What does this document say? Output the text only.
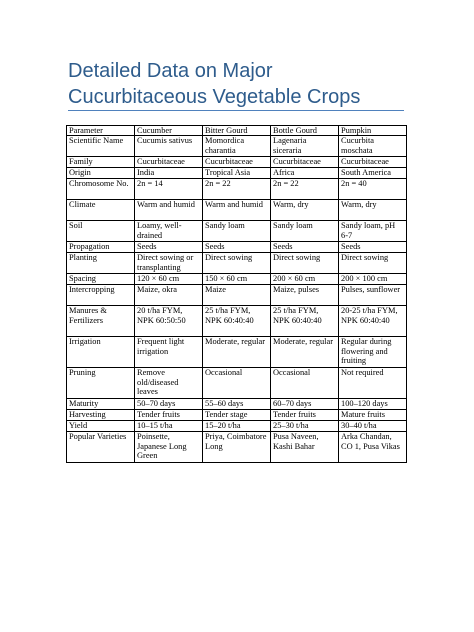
Detailed Data on Major Cucurbitaceous Vegetable Crops
Parameter	Cucumber	Bitter Gourd	Bottle Gourd	Pumpkin
Scientific Name	Cucumis sativus	Momordica charantia	Lagenaria siceraria	Cucurbita moschata
Family	Cucurbitaceae	Cucurbitaceae	Cucurbitaceae	Cucurbitaceae
Origin	India	Tropical Asia	Africa	South America
Chromosome No.	2n = 14	2n = 22	2n = 22	2n = 40
Climate	Warm and humid	Warm and humid	Warm, dry	Warm, dry
Soil	Loamy, well-drained	Sandy loam	Sandy loam	Sandy loam, pH 6-7
Propagation	Seeds	Seeds	Seeds	Seeds
Planting	Direct sowing or transplanting	Direct sowing	Direct sowing	Direct sowing
Spacing	120 × 60 cm	150 × 60 cm	200 × 60 cm	200 × 100 cm
Intercropping	Maize, okra	Maize	Maize, pulses	Pulses, sunflower
Manures & Fertilizers	20 t/ha FYM, NPK 60:50:50	25 t/ha FYM, NPK 60:40:40	25 t/ha FYM, NPK 60:40:40	20-25 t/ha FYM, NPK 60:40:40
Irrigation	Frequent light irrigation	Moderate, regular	Moderate, regular	Regular during flowering and fruiting
Pruning	Remove old/diseased leaves	Occasional	Occasional	Not required
Maturity	50–70 days	55–60 days	60–70 days	100–120 days
Harvesting	Tender fruits	Tender stage	Tender fruits	Mature fruits
Yield	10–15 t/ha	15–20 t/ha	25–30 t/ha	30–40 t/ha
Popular Varieties	Poinsette, Japanese Long Green	Priya, Coimbatore Long	Pusa Naveen, Kashi Bahar	Arka Chandan, CO 1, Pusa Vikas
